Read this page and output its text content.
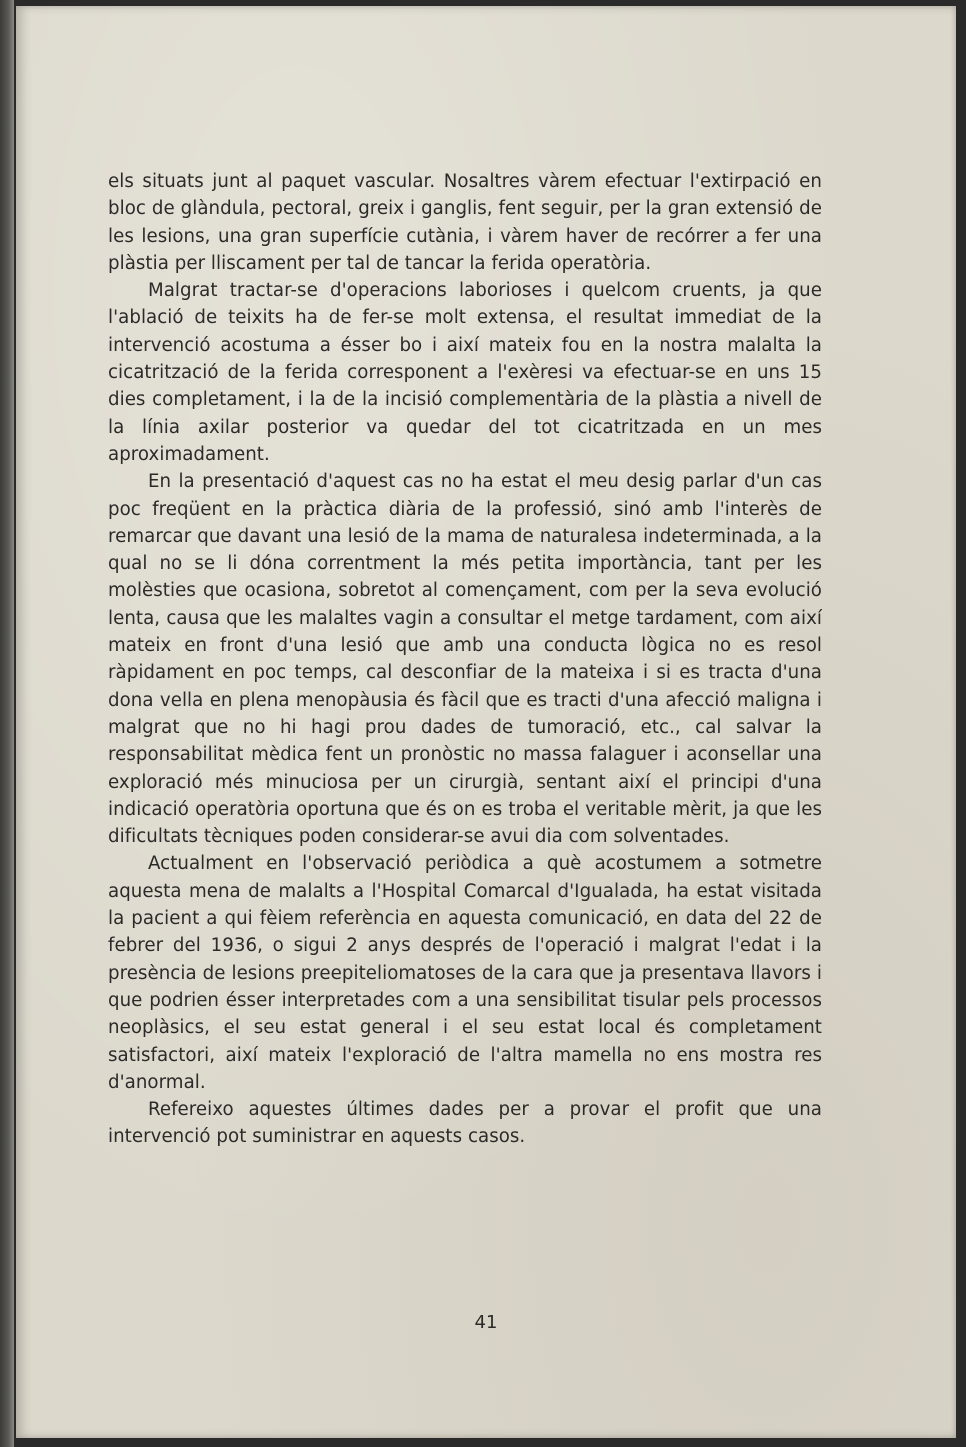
els situats junt al paquet vascular. Nosaltres vàrem efectuar l'extirpació en bloc de glàndula, pectoral, greix i ganglis, fent seguir, per la gran extensió de les lesions, una gran superfície cutània, i vàrem haver de recórrer a fer una plàstia per lliscament per tal de tancar la ferida operatòria.

Malgrat tractar-se d'operacions laborioses i quelcom cruents, ja que l'ablació de teixits ha de fer-se molt extensa, el resultat immediat de la intervenció acostuma a ésser bo i així mateix fou en la nostra malalta la cicatrització de la ferida corresponent a l'exèresi va efectuar-se en uns 15 dies completament, i la de la incisió complementària de la plàstia a nivell de la línia axilar posterior va quedar del tot cicatritzada en un mes aproximadament.

En la presentació d'aquest cas no ha estat el meu desig parlar d'un cas poc freqüent en la pràctica diària de la professió, sinó amb l'interès de remarcar que davant una lesió de la mama de naturalesa indeterminada, a la qual no se li dóna correntment la més petita importància, tant per les molèsties que ocasiona, sobretot al començament, com per la seva evolució lenta, causa que les malaltes vagin a consultar el metge tardament, com així mateix en front d'una lesió que amb una conducta lògica no es resol ràpidament en poc temps, cal desconfiar de la mateixa i si es tracta d'una dona vella en plena menopàusia és fàcil que es tracti d'una afecció maligna i malgrat que no hi hagi prou dades de tumoració, etc., cal salvar la responsabilitat mèdica fent un pronòstic no massa falaguer i aconsellar una exploració més minuciosa per un cirurgià, sentant així el principi d'una indicació operatòria oportuna que és on es troba el veritable mèrit, ja que les dificultats tècniques poden considerar-se avui dia com solventades.

Actualment en l'observació periòdica a què acostumem a sotmetre aquesta mena de malalts a l'Hospital Comarcal d'Igualada, ha estat visitada la pacient a qui fèiem referència en aquesta comunicació, en data del 22 de febrer del 1936, o sigui 2 anys després de l'operació i malgrat l'edat i la presència de lesions preepiteliomatoses de la cara que ja presentava llavors i que podrien ésser interpretades com a una sensibilitat tisular pels processos neoplàsics, el seu estat general i el seu estat local és completament satisfactori, així mateix l'exploració de l'altra mamella no ens mostra res d'anormal.

Refereixo aquestes últimes dades per a provar el profit que una intervenció pot suministrar en aquests casos.

41
